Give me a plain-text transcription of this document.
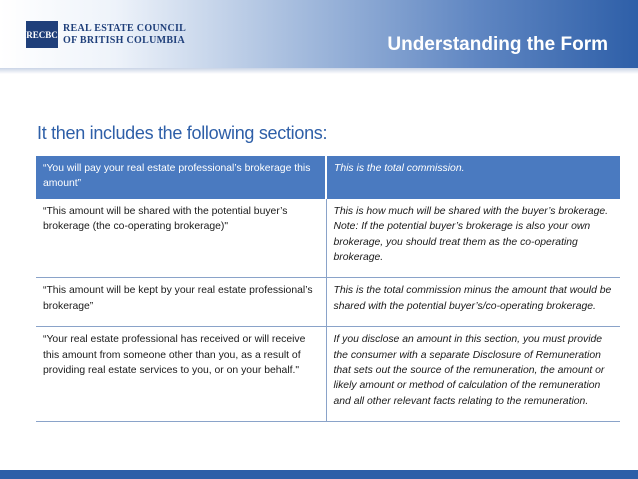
RECBC
REAL ESTATE COUNCIL
OF BRITISH COLUMBIA	Understanding the Form
It then includes the following sections:
“You will pay your real estate professional’s brokerage this amount”	This is the total commission.
“This amount will be shared with the potential buyer’s brokerage (the co-operating brokerage)"	This is how much will be shared with the buyer’s brokerage. Note: If the potential buyer’s brokerage is also your own brokerage, you should treat them as the co-operating brokerage.
“This amount will be kept by your real estate professional’s brokerage”	This is the total commission minus the amount that would be shared with the potential buyer’s/co-operating brokerage.
“Your real estate professional has received or will receive this amount from someone other than you, as a result of providing real estate services to you, or on your behalf."	If you disclose an amount in this section, you must provide the consumer with a separate Disclosure of Remuneration that sets out the source of the remuneration, the amount or likely amount or method of calculation of the remuneration and all other relevant facts relating to the remuneration.
